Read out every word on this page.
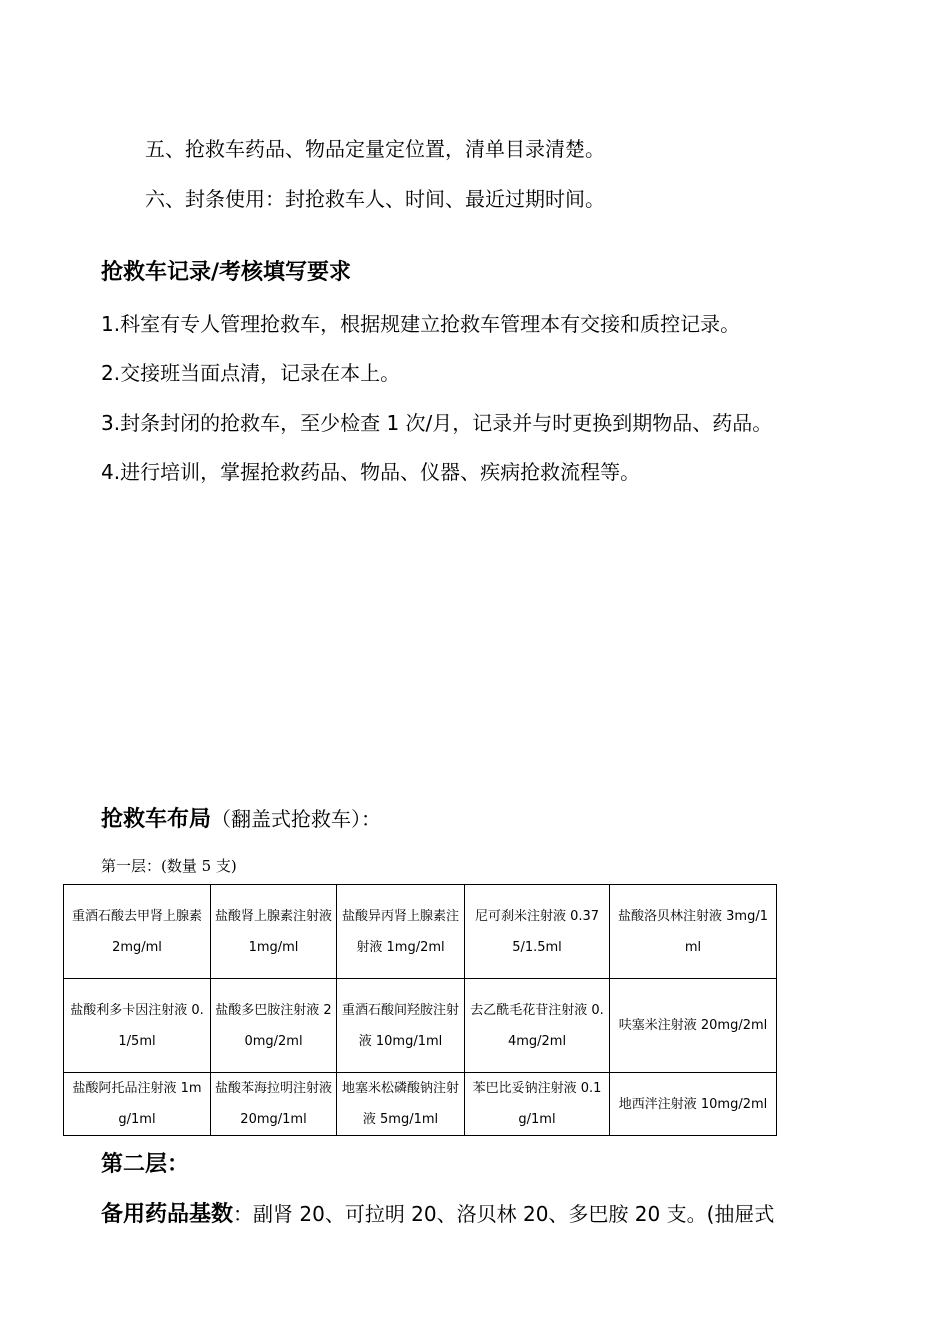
五、抢救车药品、物品定量定位置，清单目录清楚。
六、封条使用：封抢救车人、时间、最近过期时间。
抢救车记录/考核填写要求
1.科室有专人管理抢救车，根据规建立抢救车管理本有交接和质控记录。
2.交接班当面点清，记录在本上。
3.封条封闭的抢救车，至少检查 1 次/月，记录并与时更换到期物品、药品。
4.进行培训，掌握抢救药品、物品、仪器、疾病抢救流程等。
抢救车布局（翻盖式抢救车）：
第一层：(数量 5 支)
重酒石酸去甲肾上腺素 2mg/ml	盐酸肾上腺素注射液 1mg/ml	盐酸异丙肾上腺素注射液 1mg/2ml	尼可刹米注射液 0.375/1.5ml	盐酸洛贝林注射液 3mg/1ml
盐酸利多卡因注射液 0.1/5ml	盐酸多巴胺注射液 20mg/2ml	重酒石酸间羟胺注射液 10mg/1ml	去乙酰毛花苷注射液 0.4mg/2ml	呋塞米注射液 20mg/2ml
盐酸阿托品注射液 1mg/1ml	盐酸苯海拉明注射液 20mg/1ml	地塞米松磷酸钠注射液 5mg/1ml	苯巴比妥钠注射液 0.1g/1ml	地西泮注射液 10mg/2ml
第二层：
备用药品基数：副肾 20、可拉明 20、洛贝林 20、多巴胺 20 支。(抽屉式
